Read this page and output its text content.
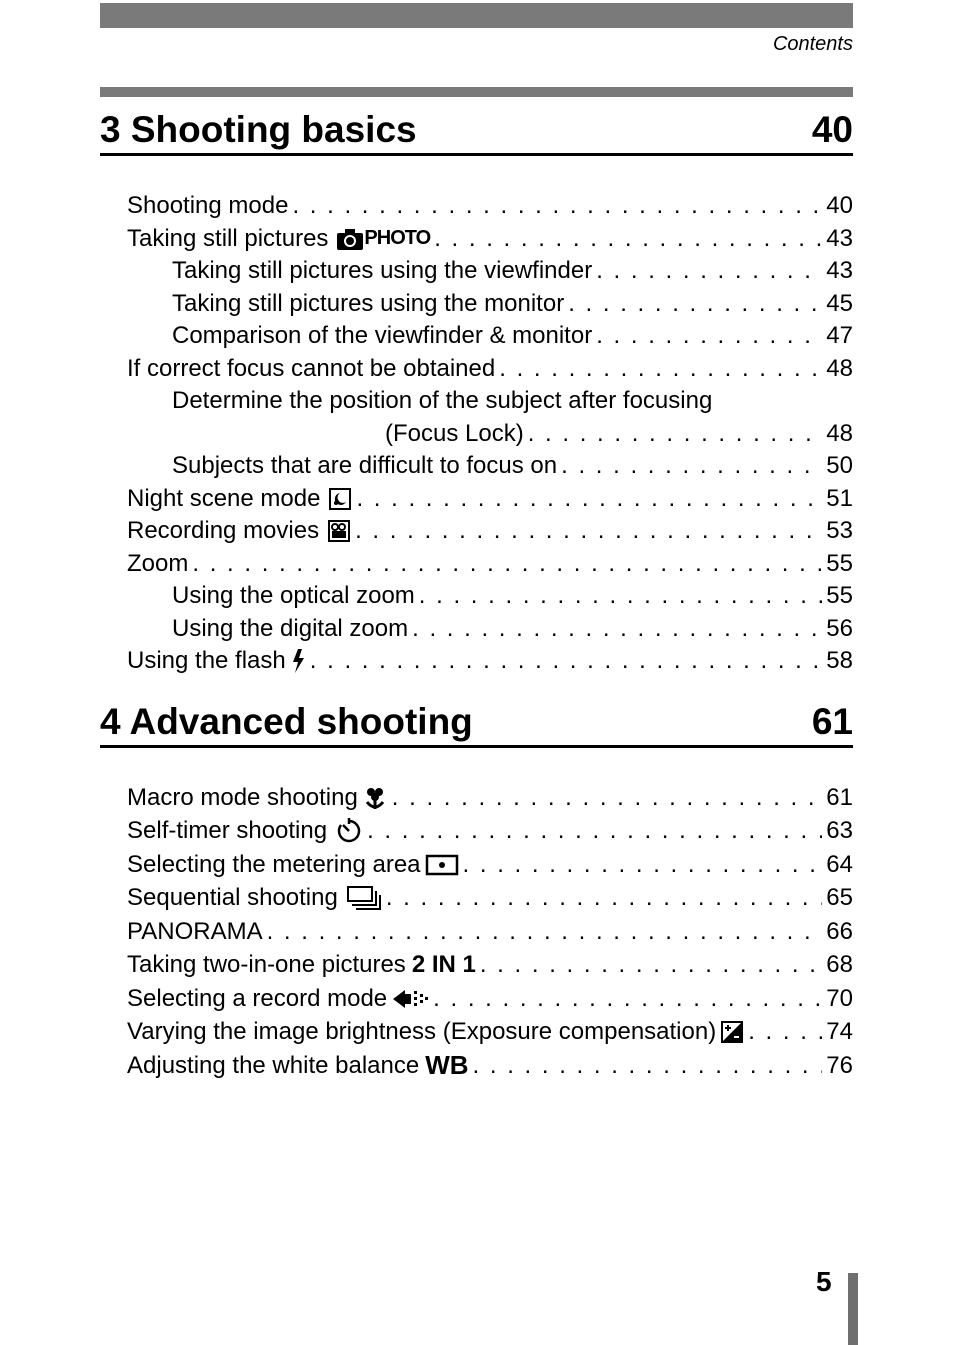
Contents
3 Shooting basics	40
Shooting mode . . .	40
Taking still pictures PHOTO . . .	43
Taking still pictures using the viewfinder . . .	43
Taking still pictures using the monitor . . .	45
Comparison of the viewfinder & monitor . . .	47
If correct focus cannot be obtained . . .	48
Determine the position of the subject after focusing
(Focus Lock) . . .	48
Subjects that are difficult to focus on . . .	50
Night scene mode . . .	51
Recording movies . . .	53
Zoom . . .	55
Using the optical zoom . . .	55
Using the digital zoom . . .	56
Using the flash . . .	58
4 Advanced shooting	61
Macro mode shooting . . .	61
Self-timer shooting . . .	63
Selecting the metering area . . .	64
Sequential shooting . . .	65
PANORAMA . . .	66
Taking two-in-one pictures 2 IN 1 . . .	68
Selecting a record mode . . .	70
Varying the image brightness (Exposure compensation) . . .	74
Adjusting the white balance WB . . .	76
5
